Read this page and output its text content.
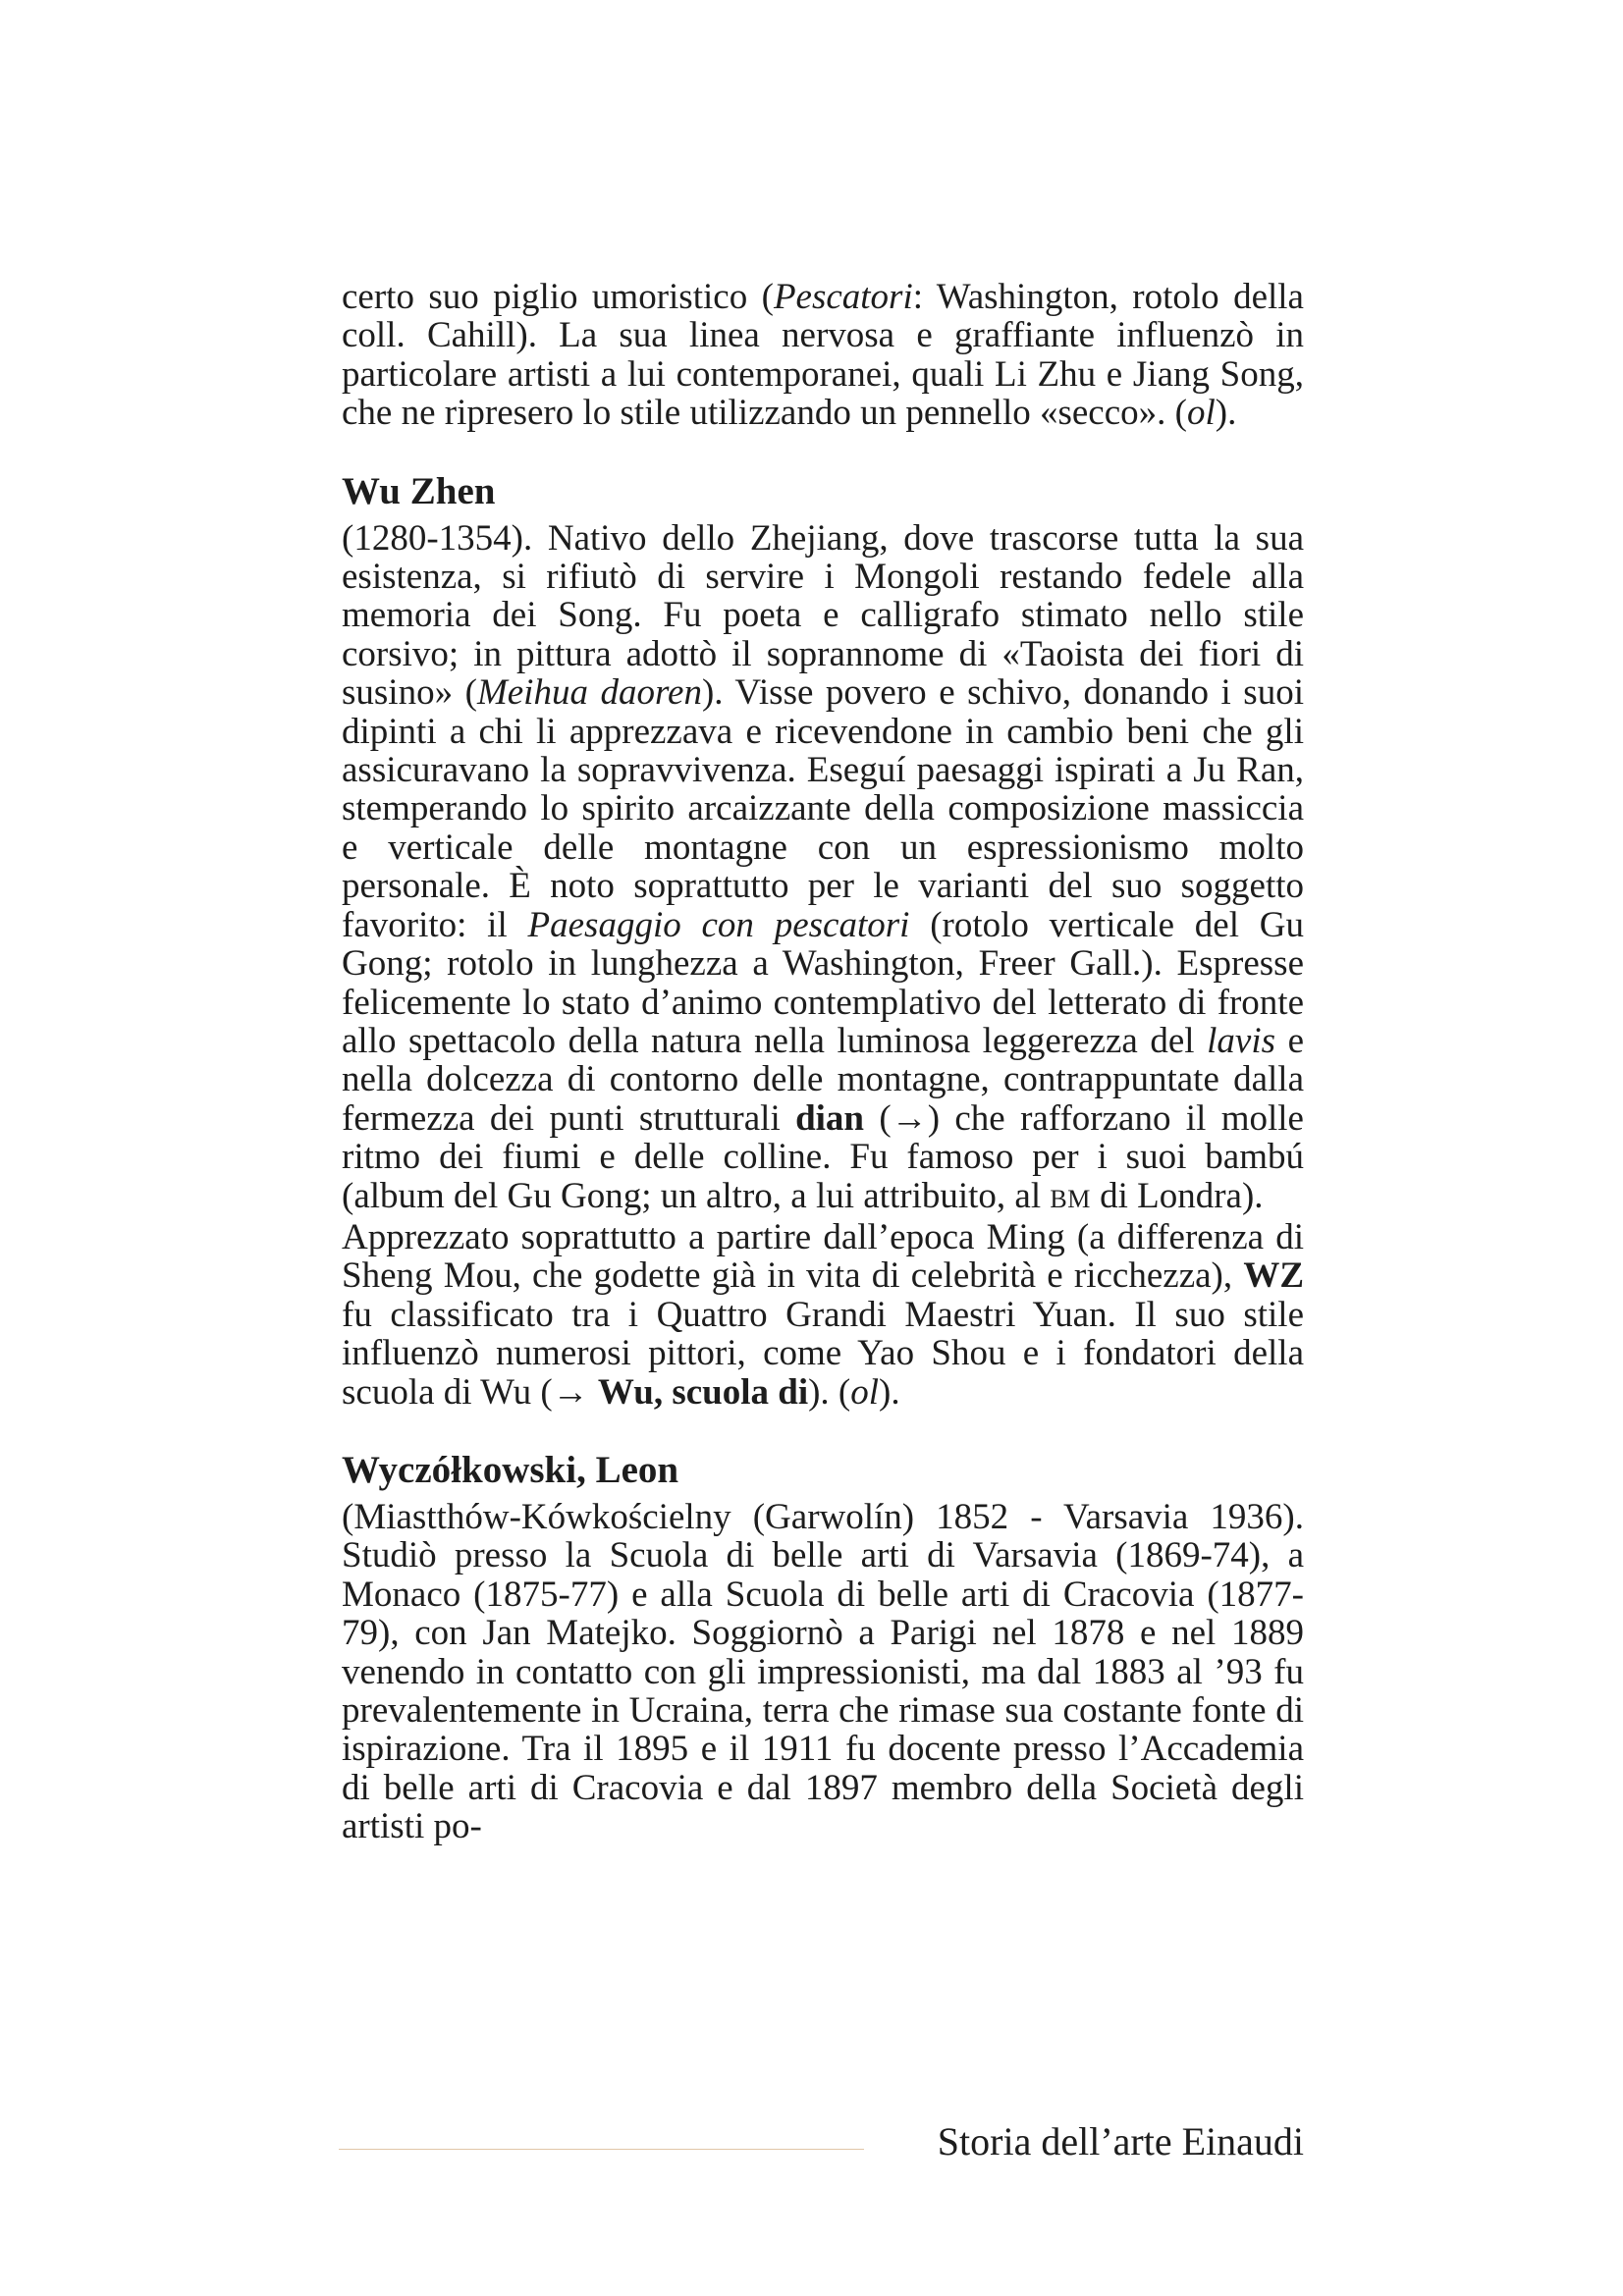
certo suo piglio umoristico (Pescatori: Washington, rotolo della coll. Cahill). La sua linea nervosa e graffiante influenzò in particolare artisti a lui contemporanei, quali Li Zhu e Jiang Song, che ne ripresero lo stile utilizzando un pennello «secco». (ol).

Wu Zhen

(1280-1354). Nativo dello Zhejiang, dove trascorse tutta la sua esistenza, si rifiutò di servire i Mongoli restando fedele alla memoria dei Song. Fu poeta e calligrafo stimato nello stile corsivo; in pittura adottò il soprannome di «Taoista dei fiori di susino» (Meihua daoren). Visse povero e schivo, donando i suoi dipinti a chi li apprezzava e ricevendone in cambio beni che gli assicuravano la sopravvivenza. Eseguí paesaggi ispirati a Ju Ran, stemperando lo spirito arcaizzante della composizione massiccia e verticale delle montagne con un espressionismo molto personale. È noto soprattutto per le varianti del suo soggetto favorito: il Paesaggio con pescatori (rotolo verticale del Gu Gong; rotolo in lunghezza a Washington, Freer Gall.). Espresse felicemente lo stato d’animo contemplativo del letterato di fronte allo spettacolo della natura nella luminosa leggerezza del lavis e nella dolcezza di contorno delle montagne, contrappuntate dalla fermezza dei punti strutturali dian (→) che rafforzano il molle ritmo dei fiumi e delle colline. Fu famoso per i suoi bambú (album del Gu Gong; un altro, a lui attribuito, al BM di Londra).

Apprezzato soprattutto a partire dall’epoca Ming (a differenza di Sheng Mou, che godette già in vita di celebrità e ricchezza), WZ fu classificato tra i Quattro Grandi Maestri Yuan. Il suo stile influenzò numerosi pittori, come Yao Shou e i fondatori della scuola di Wu (→ Wu, scuola di). (ol).

Wyczółkowski, Leon

(Miastthów-Kówkościelny (Garwolín) 1852 - Varsavia 1936). Studiò presso la Scuola di belle arti di Varsavia (1869-74), a Monaco (1875-77) e alla Scuola di belle arti di Cracovia (1877-79), con Jan Matejko. Soggiornò a Parigi nel 1878 e nel 1889 venendo in contatto con gli impressionisti, ma dal 1883 al ’93 fu prevalentemente in Ucraina, terra che rimase sua costante fonte di ispirazione. Tra il 1895 e il 1911 fu docente presso l’Accademia di belle arti di Cracovia e dal 1897 membro della Società degli artisti po-

Storia dell’arte Einaudi
